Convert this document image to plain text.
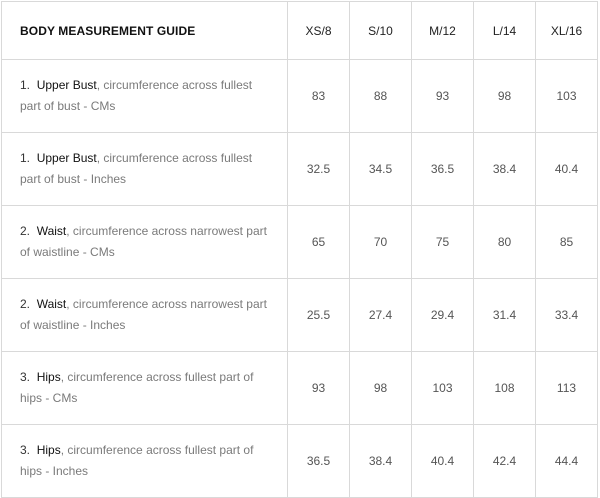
BODY MEASUREMENT GUIDE	XS/8	S/10	M/12	L/14	XL/16
1. Upper Bust, circumference across fullest part of bust - CMs	83	88	93	98	103
1. Upper Bust, circumference across fullest part of bust - Inches	32.5	34.5	36.5	38.4	40.4
2. Waist, circumference across narrowest part of waistline - CMs	65	70	75	80	85
2. Waist, circumference across narrowest part of waistline - Inches	25.5	27.4	29.4	31.4	33.4
3. Hips, circumference across fullest part of hips - CMs	93	98	103	108	113
3. Hips, circumference across fullest part of hips - Inches	36.5	38.4	40.4	42.4	44.4
